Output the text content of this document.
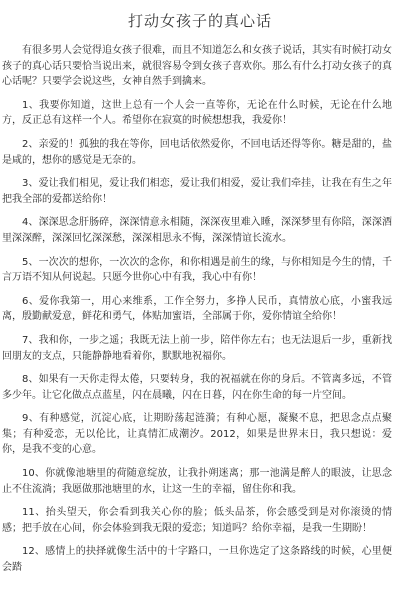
打动女孩子的真心话

有很多男人会觉得追女孩子很难，而且不知道怎么和女孩子说话，其实有时候打动女孩子的真心话只要恰当说出来，就很容易令到女孩子喜欢你。那么有什么打动女孩子的真心话呢？只要学会说这些，女神自然手到擒来。

1、我要你知道，这世上总有一个人会一直等你，无论在什么时候，无论在什么地方，反正总有这样一个人。希望你在寂寞的时候想想我，我爱你！

2、亲爱的！孤独的我在等你，回电话依然爱你，不回电话还得等你。糖是甜的，盐是咸的，想你的感觉是无奈的。

3、爱让我们相见，爱让我们相恋，爱让我们相爱，爱让我们牵挂，让我在有生之年把我全部的爱都送给你！

4、深深思念肝肠碎，深深情意永相随，深深夜里难入睡，深深梦里有你陪，深深酒里深深醉，深深回忆深深愁，深深相思永不悔，深深情谊长流水。

5、一次次的想你，一次次的念你，和你相遇是前生的缘，与你相知是今生的情，千言万语不知从何说起。只愿今世你心中有我，我心中有你！

6、爱你我第一，用心来维系，工作全努力，多挣人民币，真情放心底，小蜜我远离，殷勤献爱意，鲜花和勇气，体贴加蜜语，全部属于你，爱你情谊全给你！

7、我和你，一步之遥；我既无法上前一步，陪伴你左右；也无法退后一步，重新找回朋友的支点，只能静静地看着你，默默地祝福你。

8、如果有一天你走得太倦，只要转身，我的祝福就在你的身后。不管离多远，不管多少年。让它化做点点蓝星，闪在晨曦，闪在日暮，闪在你生命的每一片空间。

9、有种感觉，沉淀心底，让期盼荡起涟漪；有种心愿，凝聚不息，把思念点点聚集；有种爱恋，无以伦比，让真情汇成潮汐。2012，如果是世界末日，我只想说：爱你，是我不变的心意。

10、你就像池塘里的荷随意绽放，让我扑朔迷离；那一池满是醉人的眼波，让思念止不住流淌；我愿做那池塘里的水，让这一生的幸福，留住你和我。

11、抬头望天，你会看到我关心你的脸；低头品茶，你会感受到是对你滚烫的情感；把手放在心间，你会体验到我无限的爱恋；知道吗？给你幸福，是我一生期盼！

12、感情上的抉择就像生活中的十字路口，一旦你选定了这条路线的时候，心里便会踏
